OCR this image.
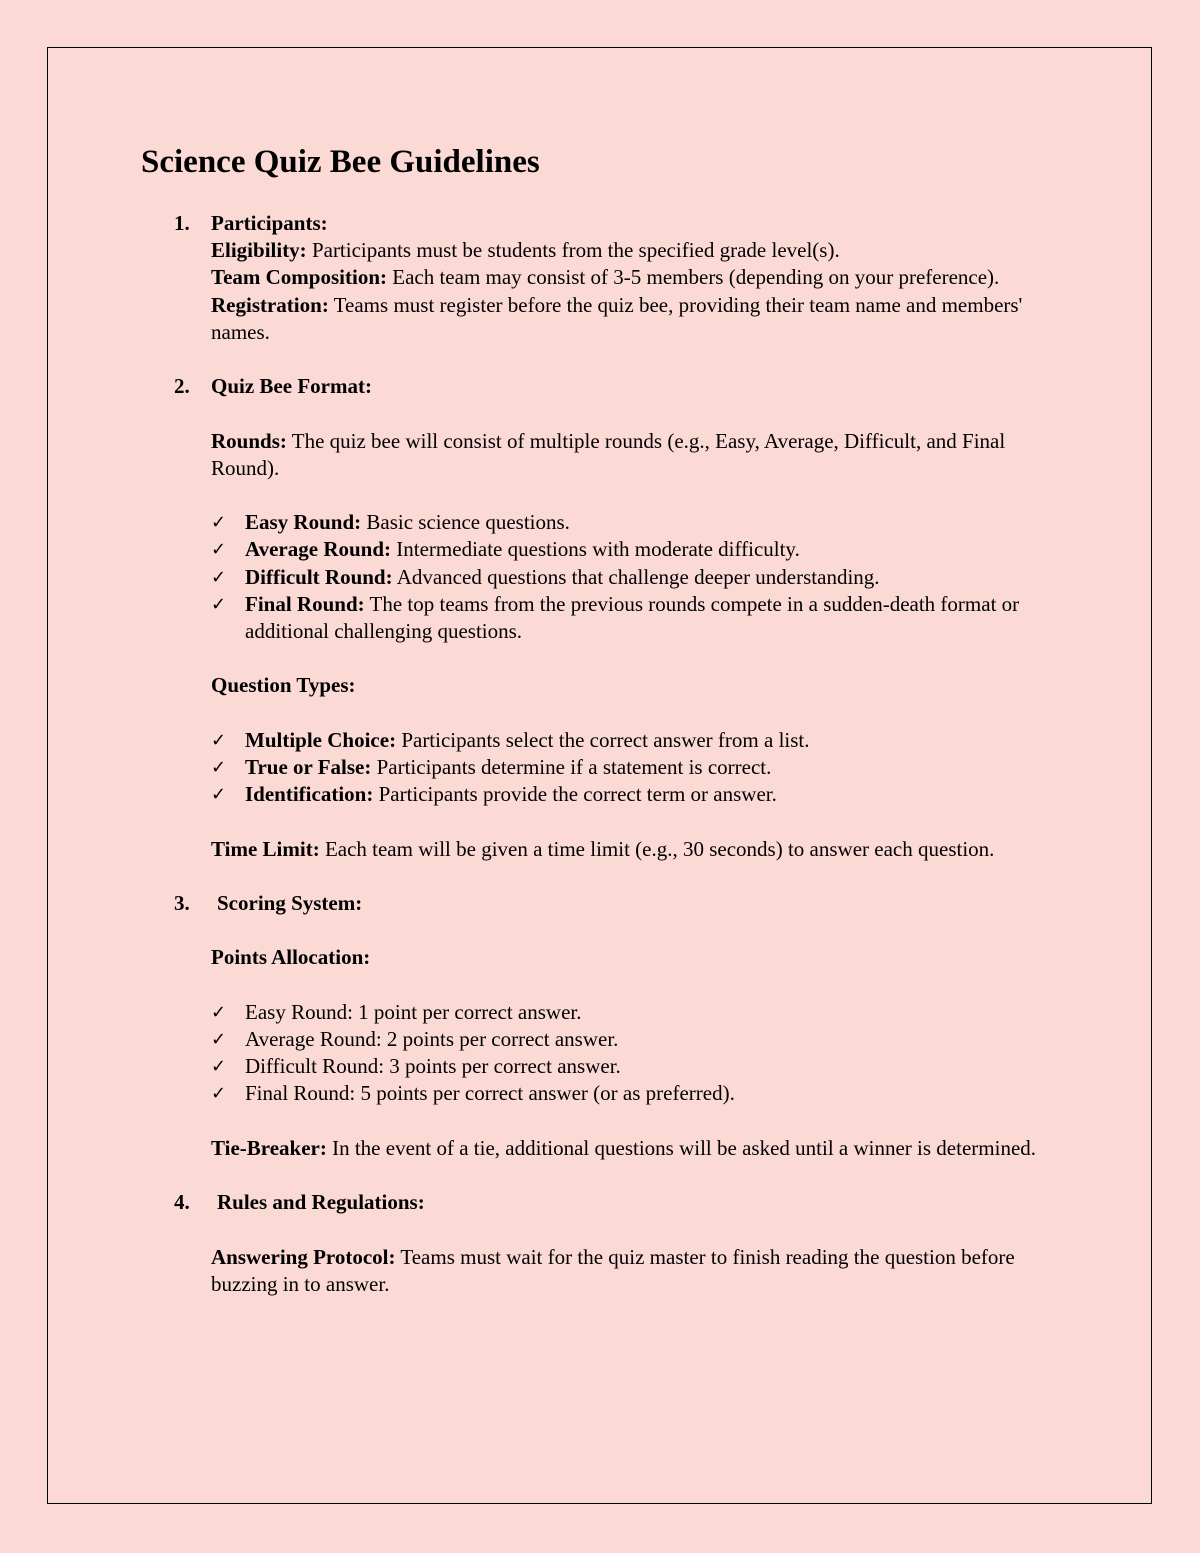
Science Quiz Bee Guidelines
1. Participants:

Eligibility: Participants must be students from the specified grade level(s).

Team Composition: Each team may consist of 3-5 members (depending on your preference).

Registration: Teams must register before the quiz bee, providing their team name and members' names.

2. Quiz Bee Format:

Rounds: The quiz bee will consist of multiple rounds (e.g., Easy, Average, Difficult, and Final Round).

✓ Easy Round: Basic science questions.
✓ Average Round: Intermediate questions with moderate difficulty.
✓ Difficult Round: Advanced questions that challenge deeper understanding.
✓ Final Round: The top teams from the previous rounds compete in a sudden-death format or additional challenging questions.

Question Types:

✓ Multiple Choice: Participants select the correct answer from a list.
✓ True or False: Participants determine if a statement is correct.
✓ Identification: Participants provide the correct term or answer.

Time Limit: Each team will be given a time limit (e.g., 30 seconds) to answer each question.

3. Scoring System:

Points Allocation:

✓ Easy Round: 1 point per correct answer.
✓ Average Round: 2 points per correct answer.
✓ Difficult Round: 3 points per correct answer.
✓ Final Round: 5 points per correct answer (or as preferred).

Tie-Breaker: In the event of a tie, additional questions will be asked until a winner is determined.

4. Rules and Regulations:

Answering Protocol: Teams must wait for the quiz master to finish reading the question before buzzing in to answer.
